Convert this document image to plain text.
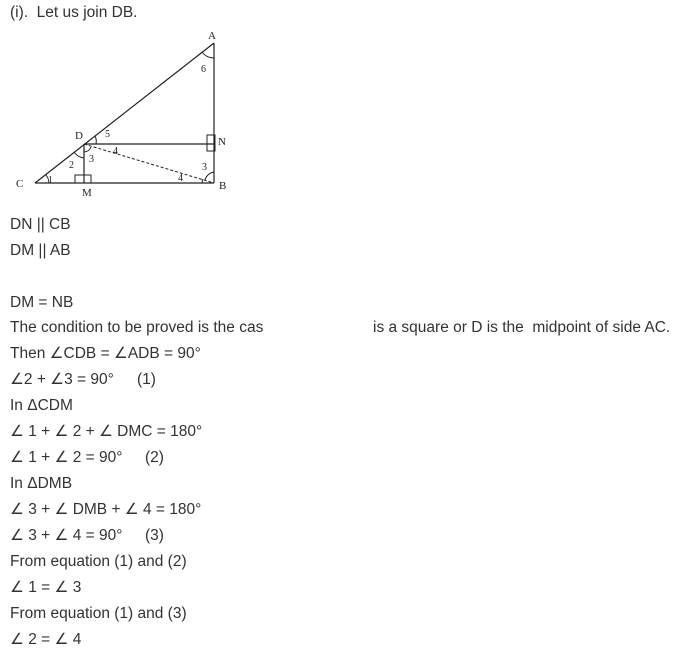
(i).  Let us join DB.
A
B
C
D
M
N
1
2
3
4
5
6
3
4
DN || CB
DM || AB
DM = NB
The condition to be proved is the cas	is a square or D is the  midpoint of side AC.
Then ∠CDB = ∠ADB = 90°
∠2 + ∠3 = 90° (1)
In ΔCDM
∠ 1 + ∠ 2 + ∠ DMC = 180°
∠ 1 + ∠ 2 = 90° (2)
In ΔDMB
∠ 3 + ∠ DMB + ∠ 4 = 180°
∠ 3 + ∠ 4 = 90° (3)
From equation (1) and (2)
∠ 1 = ∠ 3
From equation (1) and (3)
∠ 2 = ∠ 4
